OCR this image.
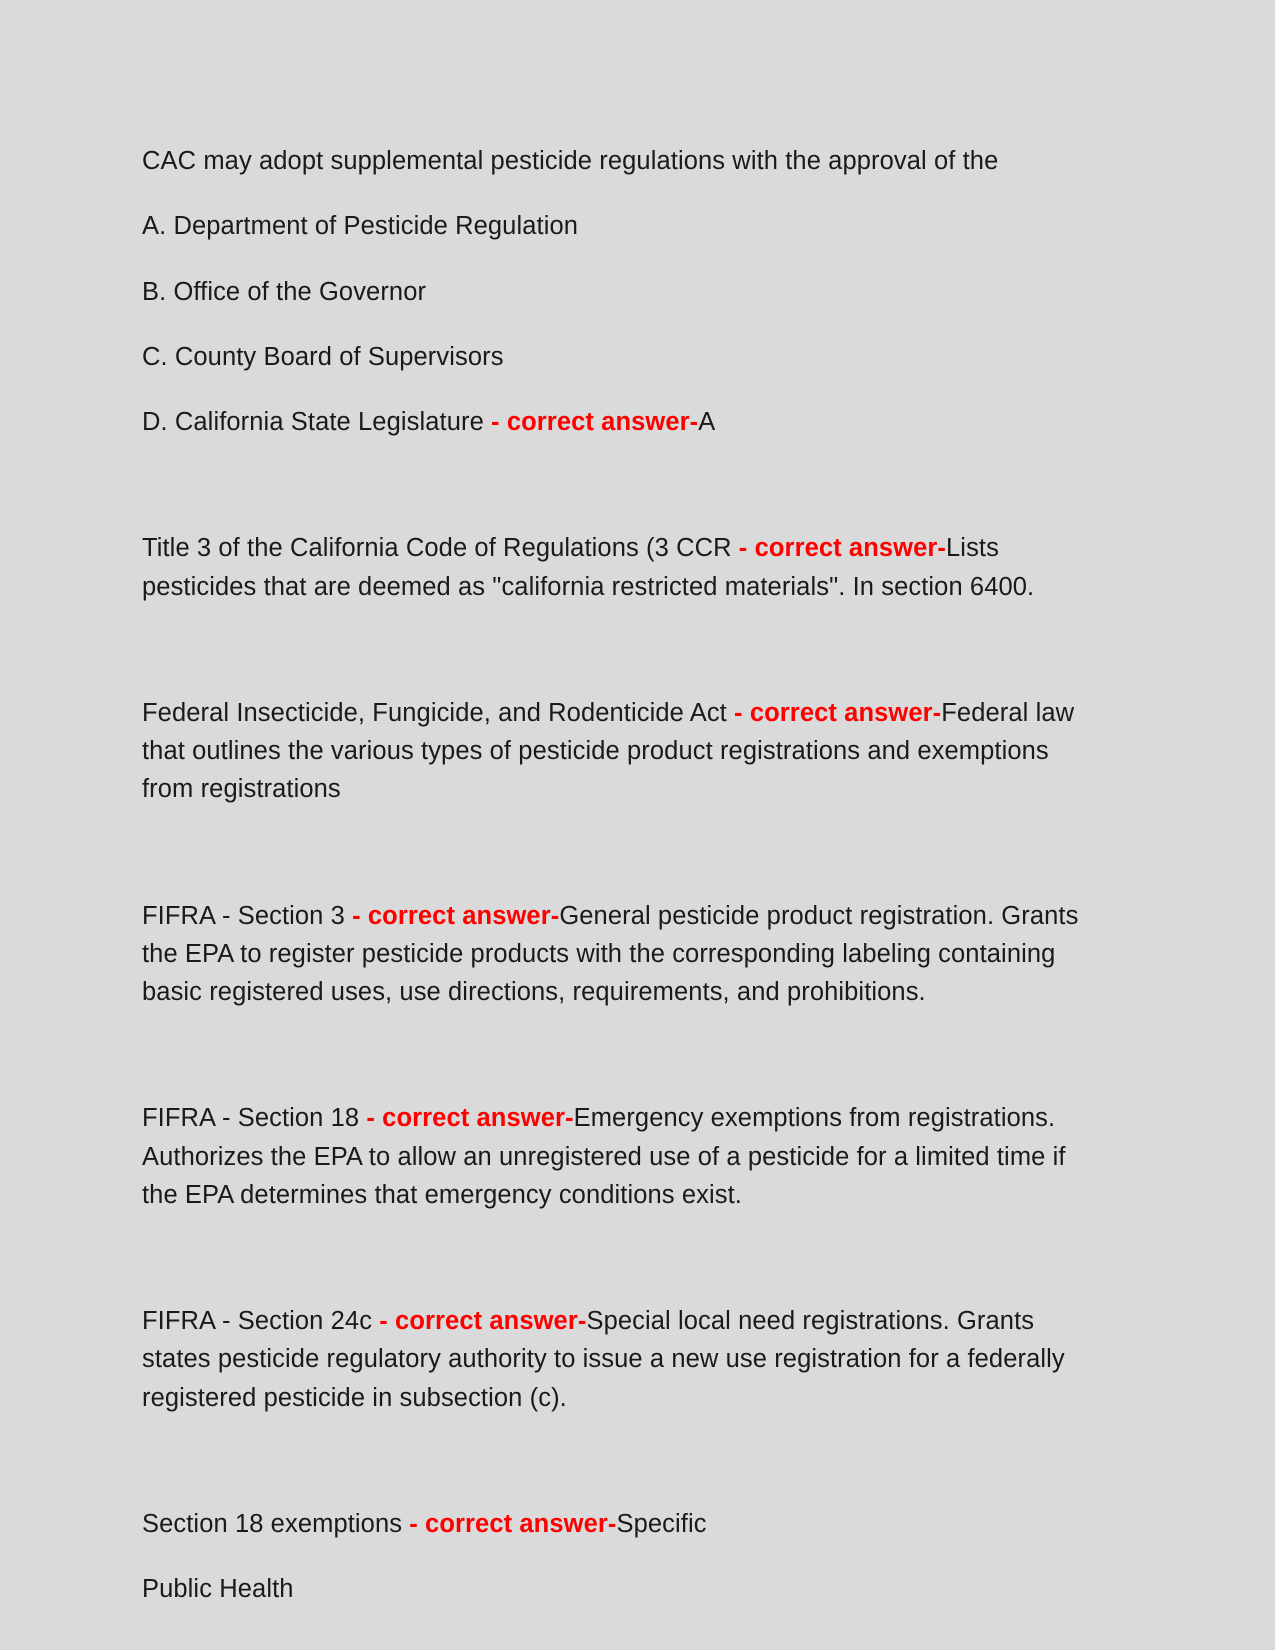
CAC may adopt supplemental pesticide regulations with the approval of the
A. Department of Pesticide Regulation
B. Office of the Governor
C. County Board of Supervisors
D. California State Legislature - correct answer-A
Title 3 of the California Code of Regulations (3 CCR - correct answer-Lists pesticides that are deemed as "california restricted materials". In section 6400.
Federal Insecticide, Fungicide, and Rodenticide Act - correct answer-Federal law that outlines the various types of pesticide product registrations and exemptions from registrations
FIFRA - Section 3 - correct answer-General pesticide product registration. Grants the EPA to register pesticide products with the corresponding labeling containing basic registered uses, use directions, requirements, and prohibitions.
FIFRA - Section 18 - correct answer-Emergency exemptions from registrations. Authorizes the EPA to allow an unregistered use of a pesticide for a limited time if the EPA determines that emergency conditions exist.
FIFRA - Section 24c - correct answer-Special local need registrations. Grants states pesticide regulatory authority to issue a new use registration for a federally registered pesticide in subsection (c).
Section 18 exemptions - correct answer-Specific
Public Health
